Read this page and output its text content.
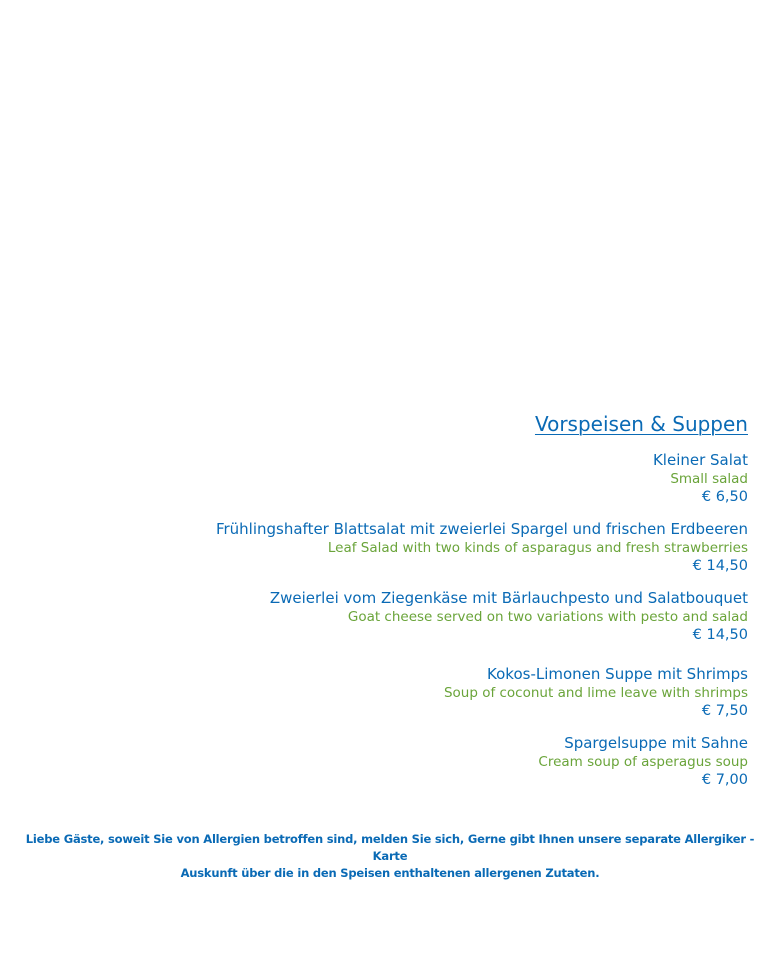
Vorspeisen & Suppen
Kleiner Salat
Small salad
€ 6,50
Frühlingshafter Blattsalat mit zweierlei Spargel und frischen Erdbeeren
Leaf Salad with two kinds of asparagus and fresh strawberries
€ 14,50
Zweierlei vom Ziegenkäse mit Bärlauchpesto und Salatbouquet
Goat cheese served on two variations with pesto and salad
€ 14,50
Kokos-Limonen Suppe mit Shrimps
Soup of coconut and lime leave with shrimps
€ 7,50
Spargelsuppe mit Sahne
Cream soup of asperagus soup
€ 7,00
Liebe Gäste, soweit Sie von Allergien betroffen sind, melden Sie sich, Gerne gibt Ihnen unsere separate Allergiker - Karte
Auskunft über die in den Speisen enthaltenen allergenen Zutaten.
